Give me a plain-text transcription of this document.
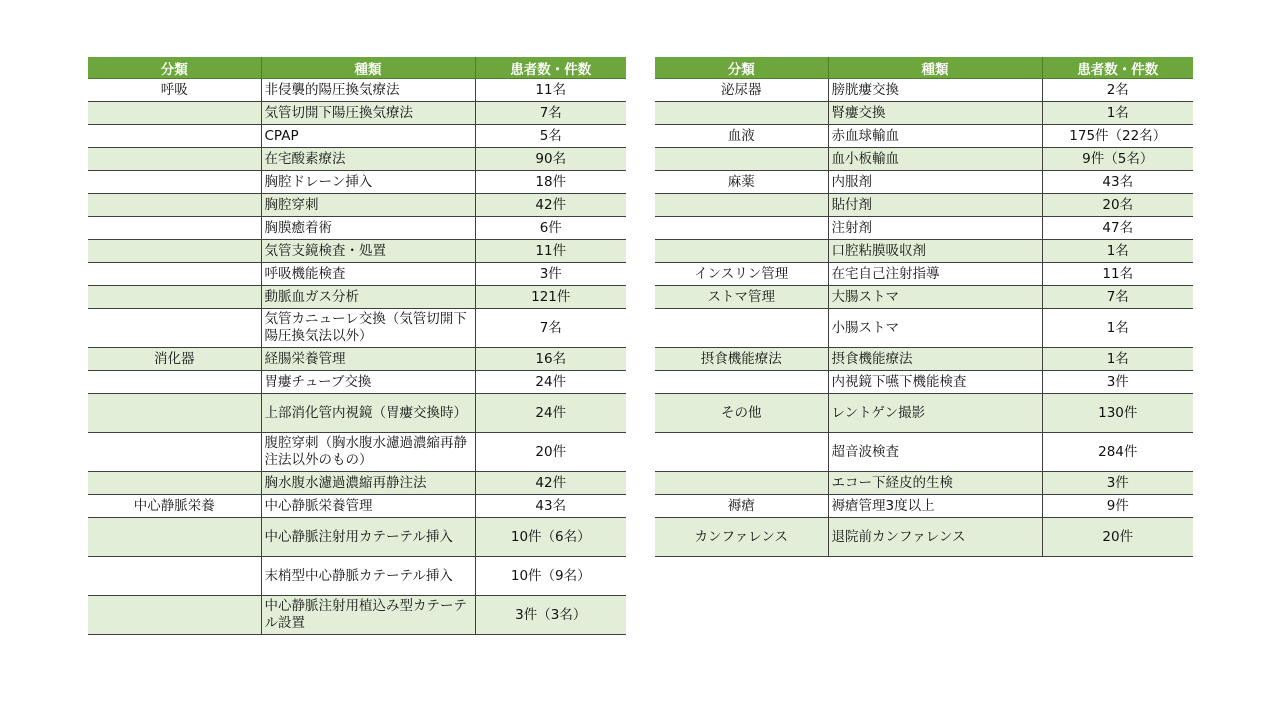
分類	種類	患者数・件数
呼吸	非侵襲的陽圧換気療法	11名
	気管切開下陽圧換気療法	7名
	CPAP	5名
	在宅酸素療法	90名
	胸腔ドレーン挿入	18件
	胸腔穿刺	42件
	胸膜癒着術	6件
	気管支鏡検査・処置	11件
	呼吸機能検査	3件
	動脈血ガス分析	121件
	気管カニューレ交換（気管切開下陽圧換気法以外）	7名
消化器	経腸栄養管理	16名
	胃瘻チューブ交換	24件
	上部消化管内視鏡（胃瘻交換時）	24件
	腹腔穿刺（胸水腹水濾過濃縮再静注法以外のもの）	20件
	胸水腹水濾過濃縮再静注法	42件
中心静脈栄養	中心静脈栄養管理	43名
	中心静脈注射用カテーテル挿入	10件（6名）
	末梢型中心静脈カテーテル挿入	10件（9名）
	中心静脈注射用植込み型カテーテル設置	3件（3名）
分類	種類	患者数・件数
泌尿器	膀胱瘻交換	2名
	腎瘻交換	1名
血液	赤血球輸血	175件（22名）
	血小板輸血	9件（5名）
麻薬	内服剤	43名
	貼付剤	20名
	注射剤	47名
	口腔粘膜吸収剤	1名
インスリン管理	在宅自己注射指導	11名
ストマ管理	大腸ストマ	7名
	小腸ストマ	1名
摂食機能療法	摂食機能療法	1名
	内視鏡下嚥下機能検査	3件
その他	レントゲン撮影	130件
	超音波検査	284件
	エコー下経皮的生検	3件
褥瘡	褥瘡管理3度以上	9件
カンファレンス	退院前カンファレンス	20件
